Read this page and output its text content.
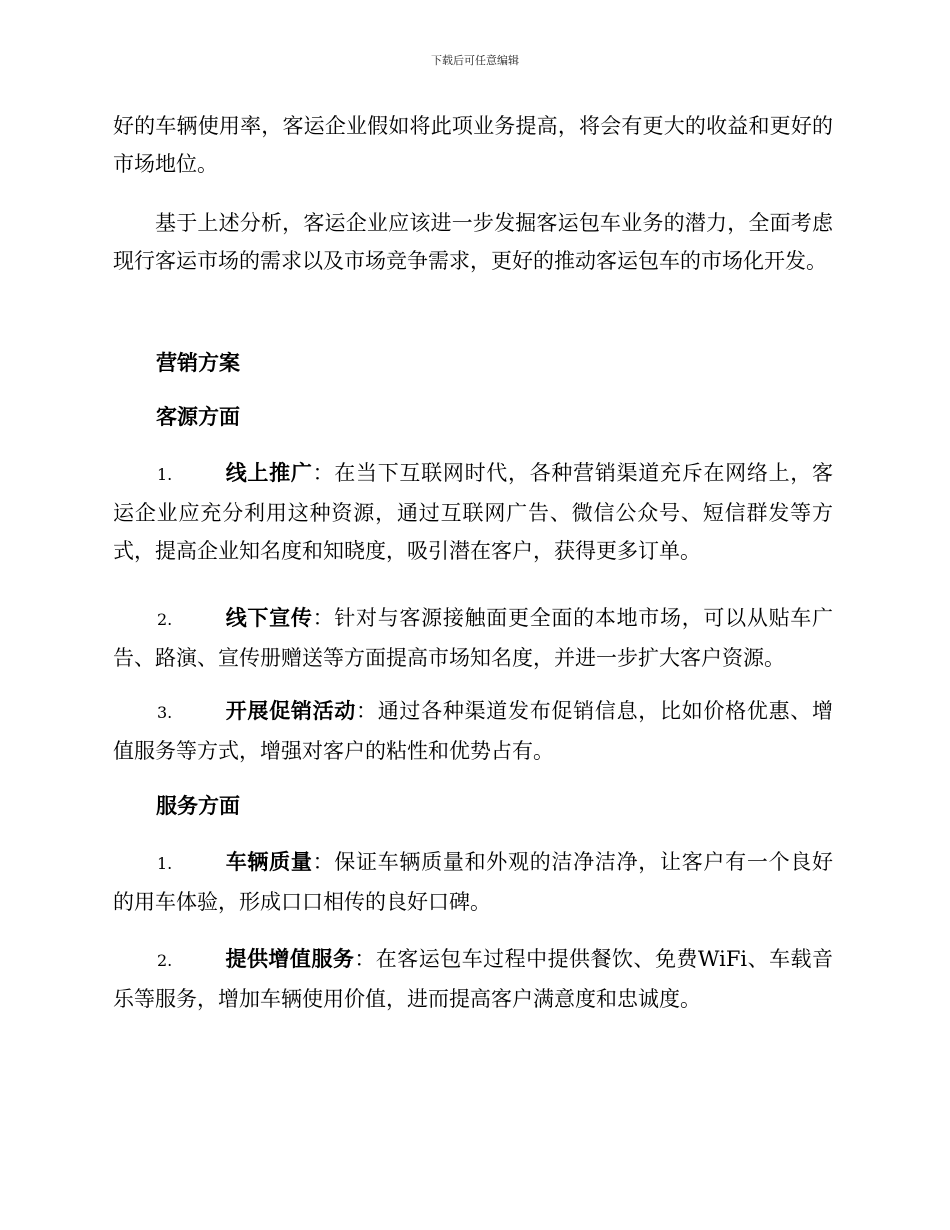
下载后可任意编辑

好的车辆使用率，客运企业假如将此项业务提高，将会有更大的收益和更好的市场地位。

基于上述分析，客运企业应该进一步发掘客运包车业务的潜力，全面考虑现行客运市场的需求以及市场竞争需求，更好的推动客运包车的市场化开发。

营销方案
客源方面

1.	线上推广：在当下互联网时代，各种营销渠道充斥在网络上，客运企业应充分利用这种资源，通过互联网广告、微信公众号、短信群发等方式，提高企业知名度和知晓度，吸引潜在客户，获得更多订单。

2.	线下宣传：针对与客源接触面更全面的本地市场，可以从贴车广告、路演、宣传册赠送等方面提高市场知名度，并进一步扩大客户资源。

3.	开展促销活动：通过各种渠道发布促销信息，比如价格优惠、增值服务等方式，增强对客户的粘性和优势占有。

服务方面

1.	车辆质量：保证车辆质量和外观的洁净洁净，让客户有一个良好的用车体验，形成口口相传的良好口碑。

2.	提供增值服务：在客运包车过程中提供餐饮、免费WiFi、车载音乐等服务，增加车辆使用价值，进而提高客户满意度和忠诚度。
